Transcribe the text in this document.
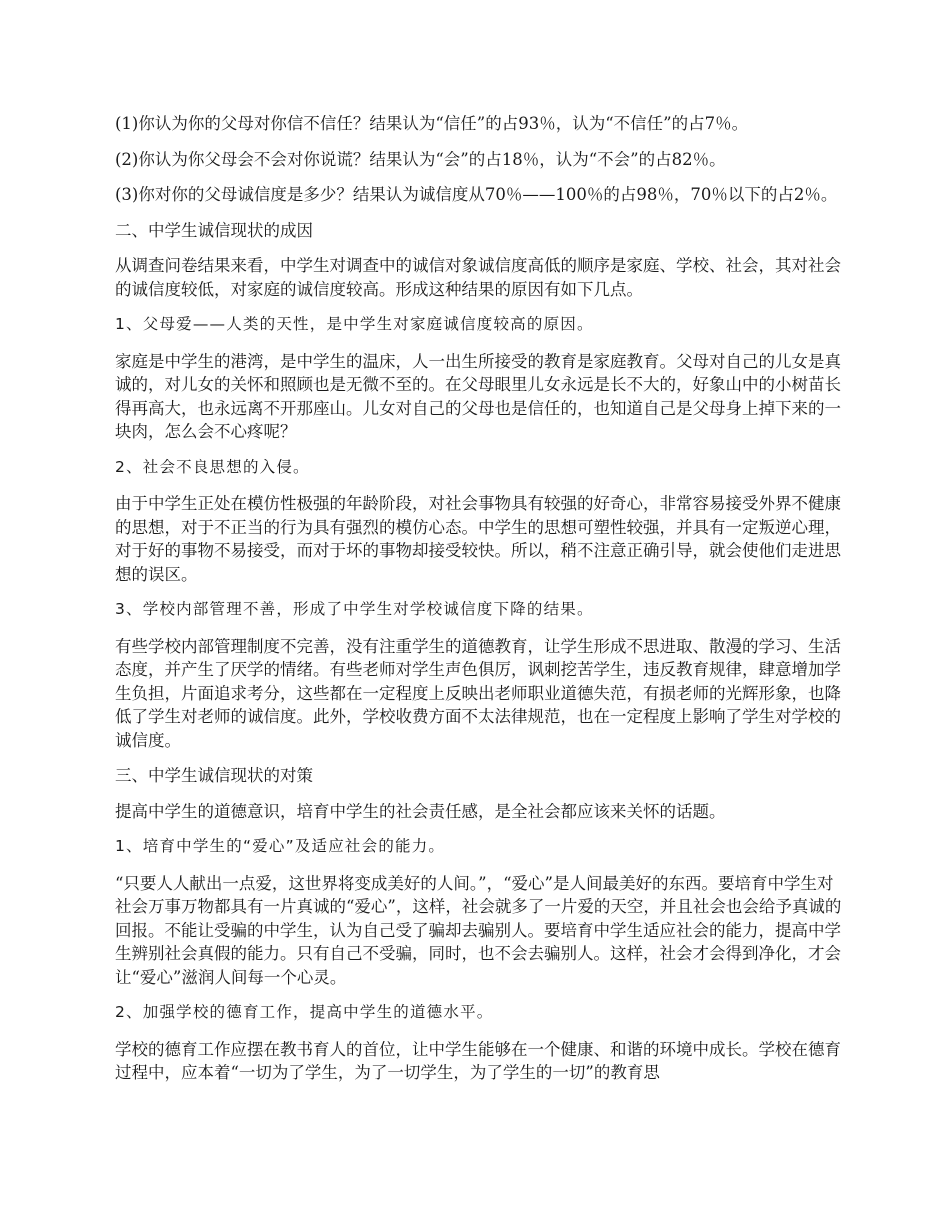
(1)你认为你的父母对你信不信任？结果认为“信任”的占93％，认为“不信任”的占7％。

(2)你认为你父母会不会对你说谎？结果认为“会”的占18％，认为“不会”的占82％。

(3)你对你的父母诚信度是多少？结果认为诚信度从70％——100％的占98％，70％以下的占2％。

二、中学生诚信现状的成因

从调查问卷结果来看，中学生对调查中的诚信对象诚信度高低的顺序是家庭、学校、社会，其对社会的诚信度较低，对家庭的诚信度较高。形成这种结果的原因有如下几点。

1、父母爱——人类的天性，是中学生对家庭诚信度较高的原因。

家庭是中学生的港湾，是中学生的温床，人一出生所接受的教育是家庭教育。父母对自己的儿女是真诚的，对儿女的关怀和照顾也是无微不至的。在父母眼里儿女永远是长不大的，好象山中的小树苗长得再高大，也永远离不开那座山。儿女对自己的父母也是信任的，也知道自己是父母身上掉下来的一块肉，怎么会不心疼呢？

2、社会不良思想的入侵。

由于中学生正处在模仿性极强的年龄阶段，对社会事物具有较强的好奇心，非常容易接受外界不健康的思想，对于不正当的行为具有强烈的模仿心态。中学生的思想可塑性较强，并具有一定叛逆心理，对于好的事物不易接受，而对于坏的事物却接受较快。所以，稍不注意正确引导，就会使他们走进思想的误区。

3、学校内部管理不善，形成了中学生对学校诚信度下降的结果。

有些学校内部管理制度不完善，没有注重学生的道德教育，让学生形成不思进取、散漫的学习、生活态度，并产生了厌学的情绪。有些老师对学生声色俱厉，讽刺挖苦学生，违反教育规律，肆意增加学生负担，片面追求考分，这些都在一定程度上反映出老师职业道德失范，有损老师的光辉形象，也降低了学生对老师的诚信度。此外，学校收费方面不太法律规范，也在一定程度上影响了学生对学校的诚信度。

三、中学生诚信现状的对策

提高中学生的道德意识，培育中学生的社会责任感，是全社会都应该来关怀的话题。

1、培育中学生的“爱心”及适应社会的能力。

“只要人人献出一点爱，这世界将变成美好的人间。”，“爱心”是人间最美好的东西。要培育中学生对社会万事万物都具有一片真诚的“爱心”，这样，社会就多了一片爱的天空，并且社会也会给予真诚的回报。不能让受骗的中学生，认为自己受了骗却去骗别人。要培育中学生适应社会的能力，提高中学生辨别社会真假的能力。只有自己不受骗，同时，也不会去骗别人。这样，社会才会得到净化，才会让“爱心”滋润人间每一个心灵。

2、加强学校的德育工作，提高中学生的道德水平。

学校的德育工作应摆在教书育人的首位，让中学生能够在一个健康、和谐的环境中成长。学校在德育过程中，应本着“一切为了学生，为了一切学生，为了学生的一切”的教育思
